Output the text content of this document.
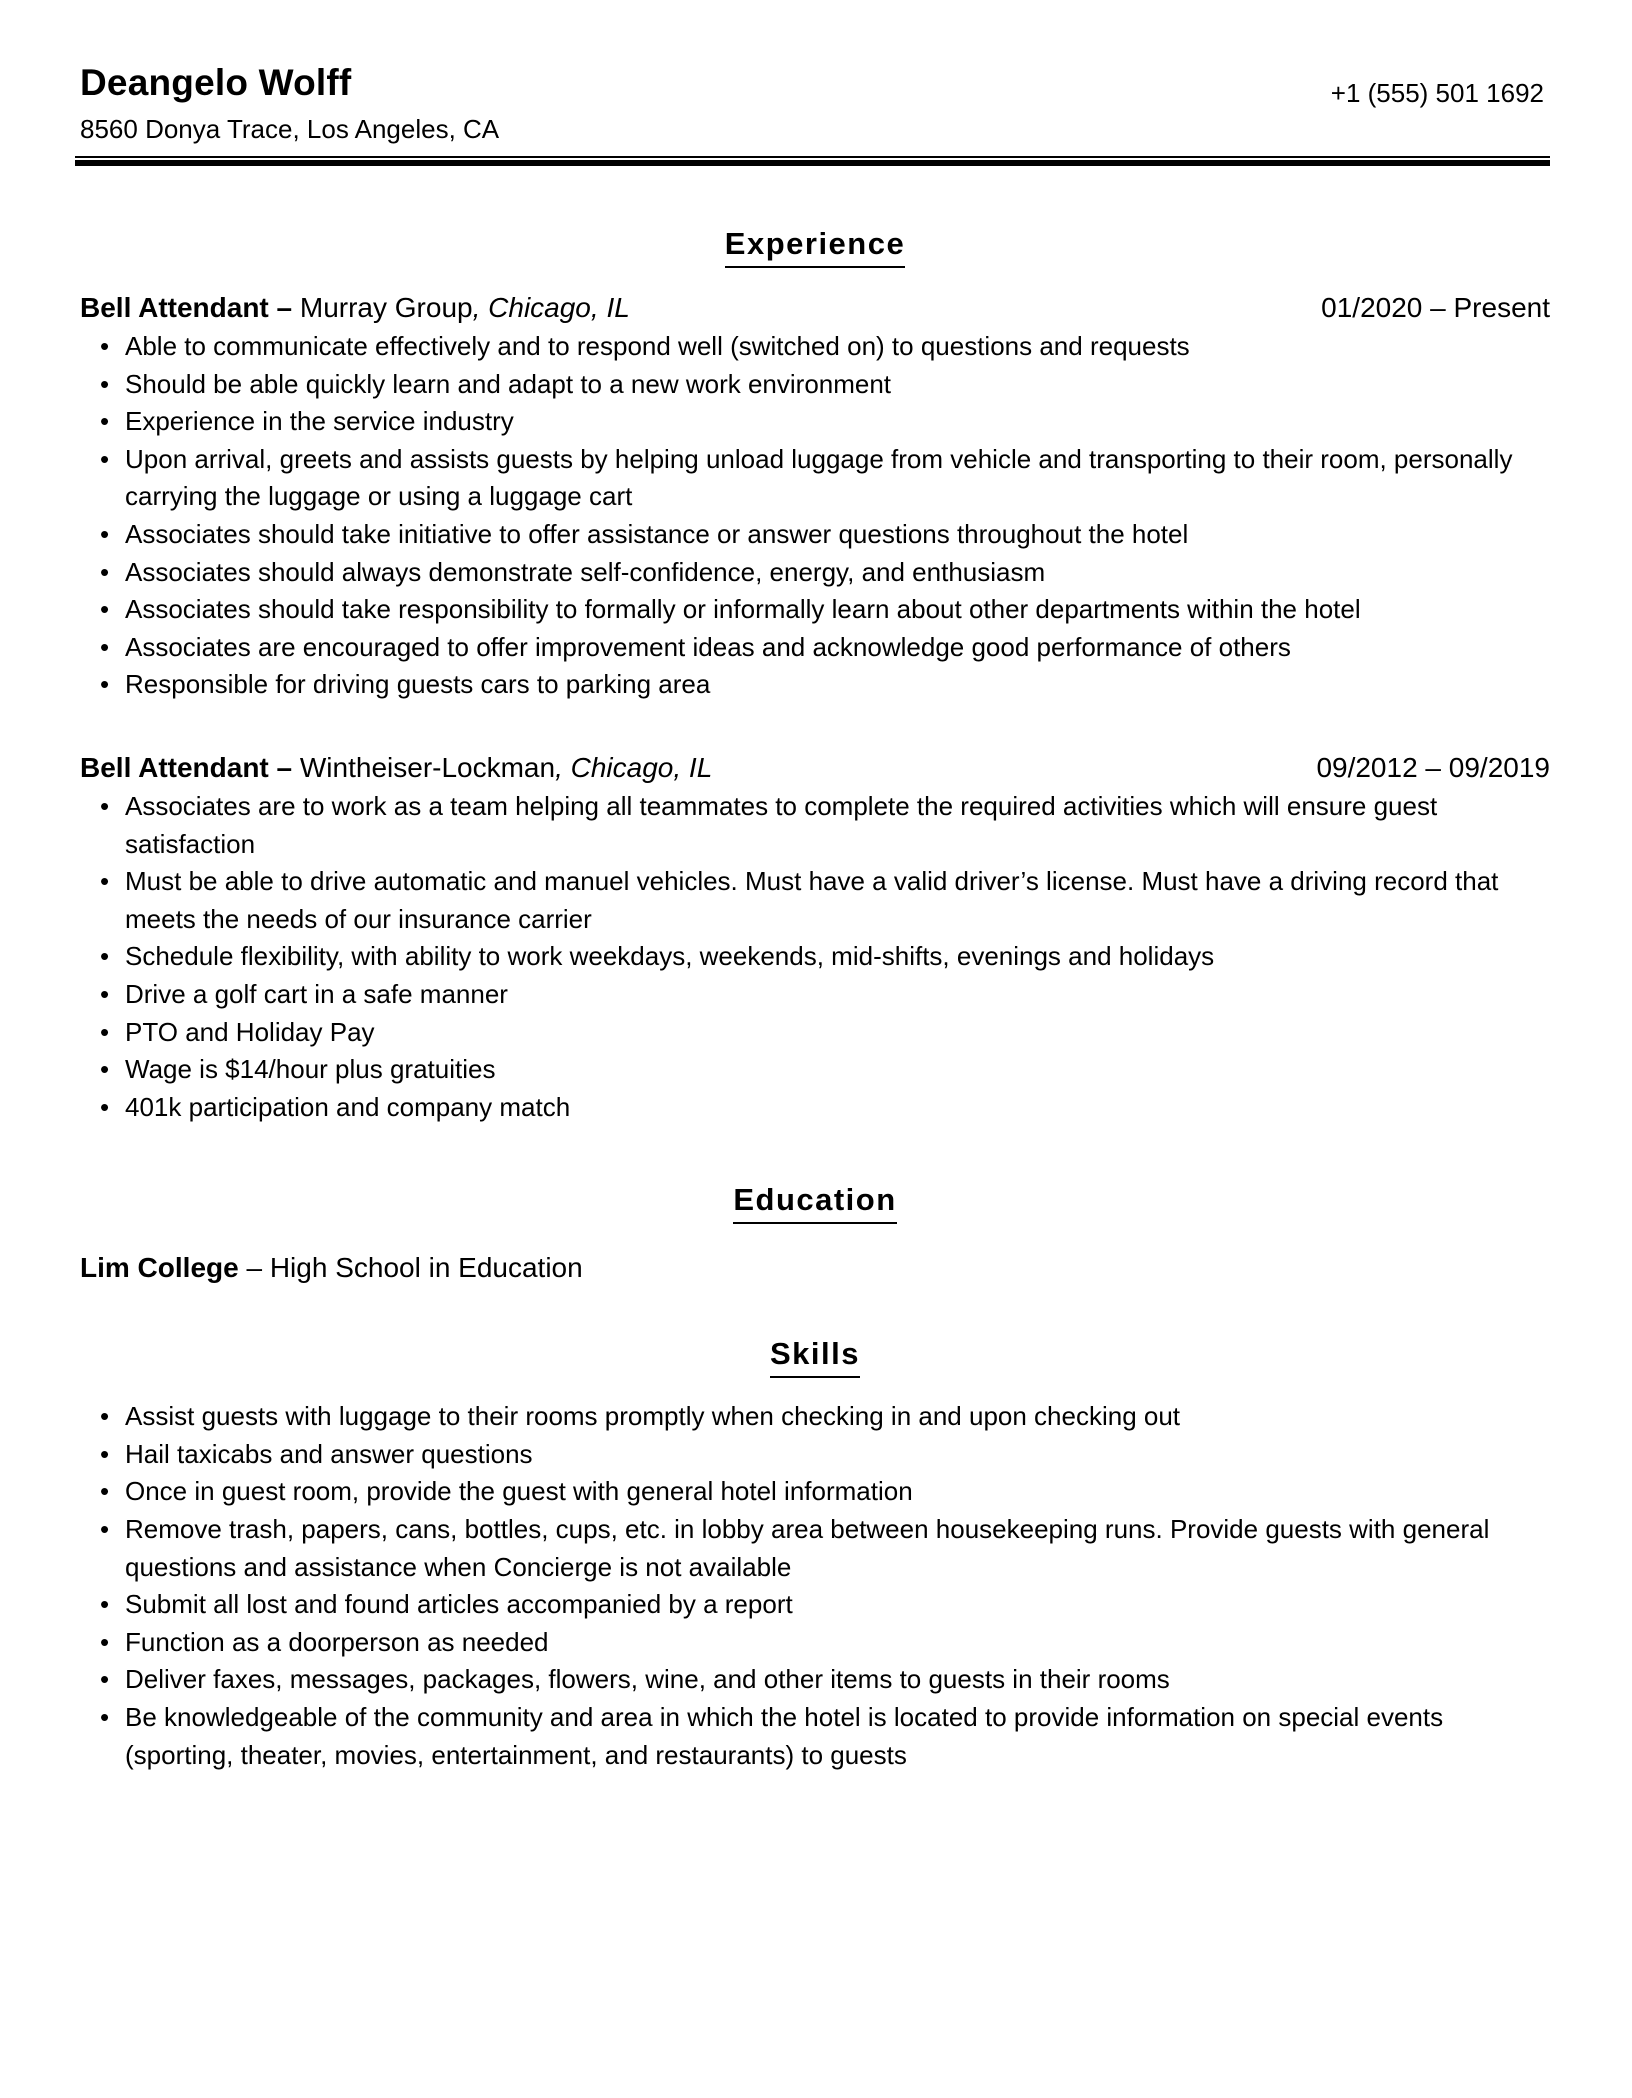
Deangelo Wolff
8560 Donya Trace, Los Angeles, CA
+1 (555) 501 1692
Experience
Bell Attendant – Murray Group, Chicago, IL	01/2020 – Present
• Able to communicate effectively and to respond well (switched on) to questions and requests
• Should be able quickly learn and adapt to a new work environment
• Experience in the service industry
• Upon arrival, greets and assists guests by helping unload luggage from vehicle and transporting to their room, personally carrying the luggage or using a luggage cart
• Associates should take initiative to offer assistance or answer questions throughout the hotel
• Associates should always demonstrate self-confidence, energy, and enthusiasm
• Associates should take responsibility to formally or informally learn about other departments within the hotel
• Associates are encouraged to offer improvement ideas and acknowledge good performance of others
• Responsible for driving guests cars to parking area
Bell Attendant – Wintheiser-Lockman, Chicago, IL	09/2012 – 09/2019
• Associates are to work as a team helping all teammates to complete the required activities which will ensure guest satisfaction
• Must be able to drive automatic and manuel vehicles. Must have a valid driver’s license. Must have a driving record that meets the needs of our insurance carrier
• Schedule flexibility, with ability to work weekdays, weekends, mid-shifts, evenings and holidays
• Drive a golf cart in a safe manner
• PTO and Holiday Pay
• Wage is $14/hour plus gratuities
• 401k participation and company match
Education
Lim College – High School in Education
Skills
• Assist guests with luggage to their rooms promptly when checking in and upon checking out
• Hail taxicabs and answer questions
• Once in guest room, provide the guest with general hotel information
• Remove trash, papers, cans, bottles, cups, etc. in lobby area between housekeeping runs. Provide guests with general questions and assistance when Concierge is not available
• Submit all lost and found articles accompanied by a report
• Function as a doorperson as needed
• Deliver faxes, messages, packages, flowers, wine, and other items to guests in their rooms
• Be knowledgeable of the community and area in which the hotel is located to provide information on special events (sporting, theater, movies, entertainment, and restaurants) to guests
